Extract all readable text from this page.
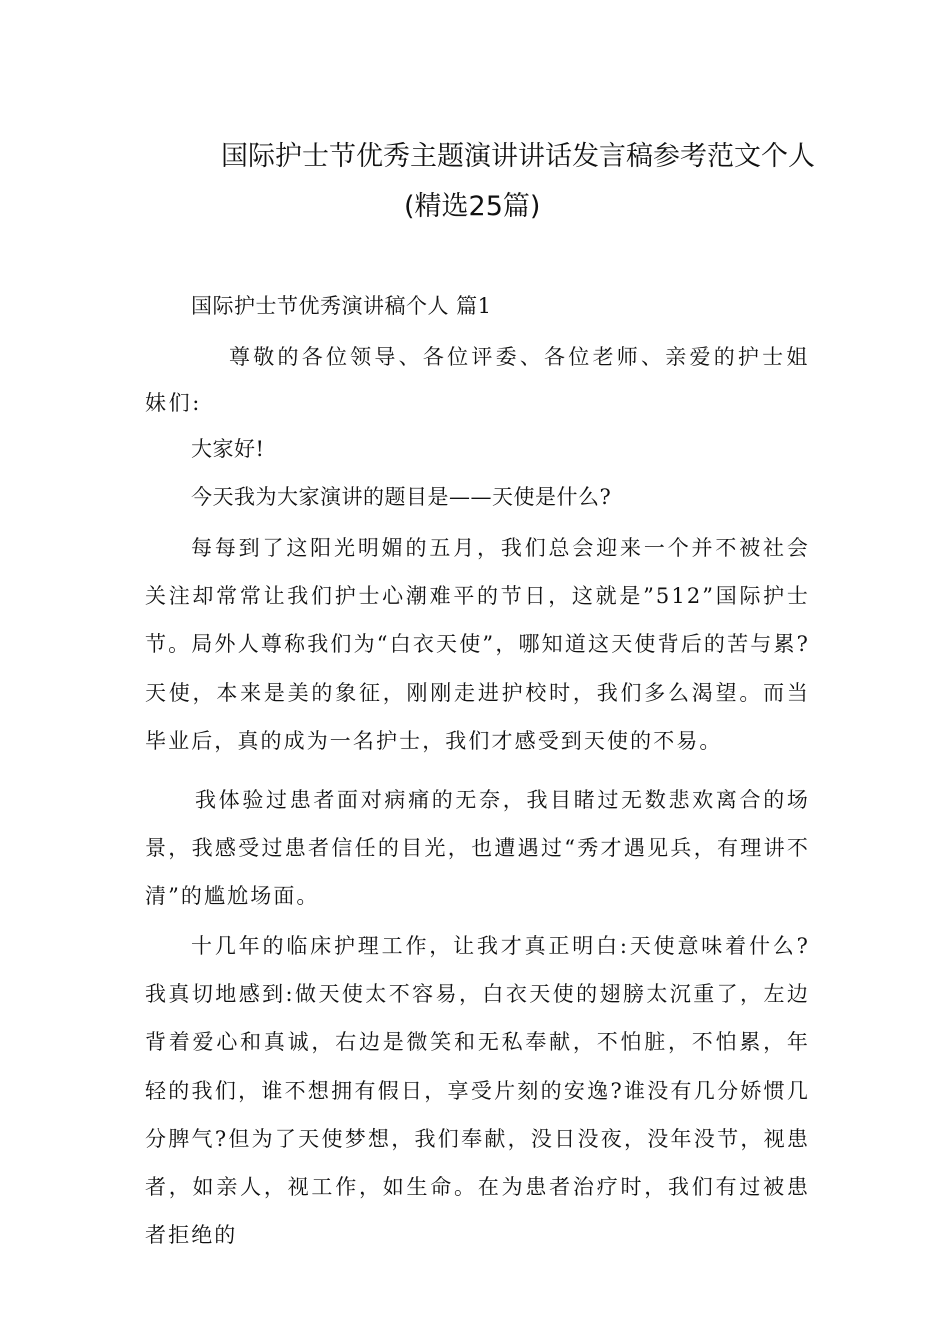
国际护士节优秀主题演讲讲话发言稿参考范文个人
(精选25篇)
国际护士节优秀演讲稿个人 篇1
尊敬的各位领导、各位评委、各位老师、亲爱的护士姐妹们:
大家好!
今天我为大家演讲的题目是——天使是什么?
每每到了这阳光明媚的五月，我们总会迎来一个并不被社会关注却常常让我们护士心潮难平的节日，这就是”512”国际护士节。局外人尊称我们为“白衣天使”，哪知道这天使背后的苦与累?天使，本来是美的象征，刚刚走进护校时，我们多么渴望。而当毕业后，真的成为一名护士，我们才感受到天使的不易。
我体验过患者面对病痛的无奈，我目睹过无数悲欢离合的场景，我感受过患者信任的目光，也遭遇过“秀才遇见兵，有理讲不清”的尴尬场面。
十几年的临床护理工作，让我才真正明白:天使意味着什么?我真切地感到:做天使太不容易，白衣天使的翅膀太沉重了，左边背着爱心和真诚，右边是微笑和无私奉献，不怕脏，不怕累，年轻的我们，谁不想拥有假日，享受片刻的安逸?谁没有几分娇惯几分脾气?但为了天使梦想，我们奉献，没日没夜，没年没节，视患者，如亲人，视工作，如生命。在为患者治疗时，我们有过被患者拒绝的
